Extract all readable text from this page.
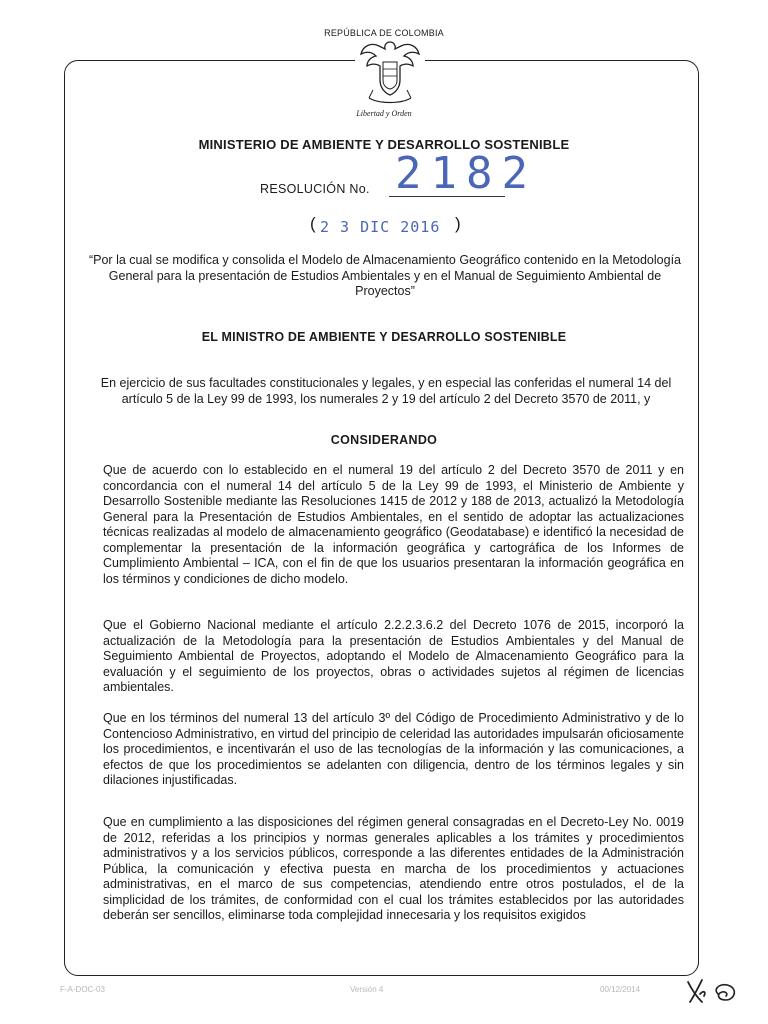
REPÚBLICA DE COLOMBIA
Libertad y Orden
MINISTERIO DE AMBIENTE Y DESARROLLO SOSTENIBLE
RESOLUCIÓN No. 2182
( 2 3 DIC 2016 )
“Por la cual se modifica y consolida el Modelo de Almacenamiento Geográfico contenido en la Metodología General para la presentación de Estudios Ambientales y en el Manual de Seguimiento Ambiental de Proyectos”
EL MINISTRO DE AMBIENTE Y DESARROLLO SOSTENIBLE
En ejercicio de sus facultades constitucionales y legales, y en especial las conferidas el numeral 14 del artículo 5 de la Ley 99 de 1993, los numerales 2 y 19 del artículo 2 del Decreto 3570 de 2011, y
CONSIDERANDO
Que de acuerdo con lo establecido en el numeral 19 del artículo 2 del Decreto 3570 de 2011 y en concordancia con el numeral 14 del artículo 5 de la Ley 99 de 1993, el Ministerio de Ambiente y Desarrollo Sostenible mediante las Resoluciones 1415 de 2012 y 188 de 2013, actualizó la Metodología General para la Presentación de Estudios Ambientales, en el sentido de adoptar las actualizaciones técnicas realizadas al modelo de almacenamiento geográfico (Geodatabase) e identificó la necesidad de complementar la presentación de la información geográfica y cartográfica de los Informes de Cumplimiento Ambiental – ICA, con el fin de que los usuarios presentaran la información geográfica en los términos y condiciones de dicho modelo.
Que el Gobierno Nacional mediante el artículo 2.2.2.3.6.2 del Decreto 1076 de 2015, incorporó la actualización de la Metodología para la presentación de Estudios Ambientales y del Manual de Seguimiento Ambiental de Proyectos, adoptando el Modelo de Almacenamiento Geográfico para la evaluación y el seguimiento de los proyectos, obras o actividades sujetos al régimen de licencias ambientales.
Que en los términos del numeral 13 del artículo 3º del Código de Procedimiento Administrativo y de lo Contencioso Administrativo, en virtud del principio de celeridad las autoridades impulsarán oficiosamente los procedimientos, e incentivarán el uso de las tecnologías de la información y las comunicaciones, a efectos de que los procedimientos se adelanten con diligencia, dentro de los términos legales y sin dilaciones injustificadas.
Que en cumplimiento a las disposiciones del régimen general consagradas en el Decreto-Ley No. 0019 de 2012, referidas a los principios y normas generales aplicables a los trámites y procedimientos administrativos y a los servicios públicos, corresponde a las diferentes entidades de la Administración Pública, la comunicación y efectiva puesta en marcha de los procedimientos y actuaciones administrativas, en el marco de sus competencias, atendiendo entre otros postulados, el de la simplicidad de los trámites, de conformidad con el cual los trámites establecidos por las autoridades deberán ser sencillos, eliminarse toda complejidad innecesaria y los requisitos exigidos
F-A-DOC-03	Versión 4	00/12/2014
